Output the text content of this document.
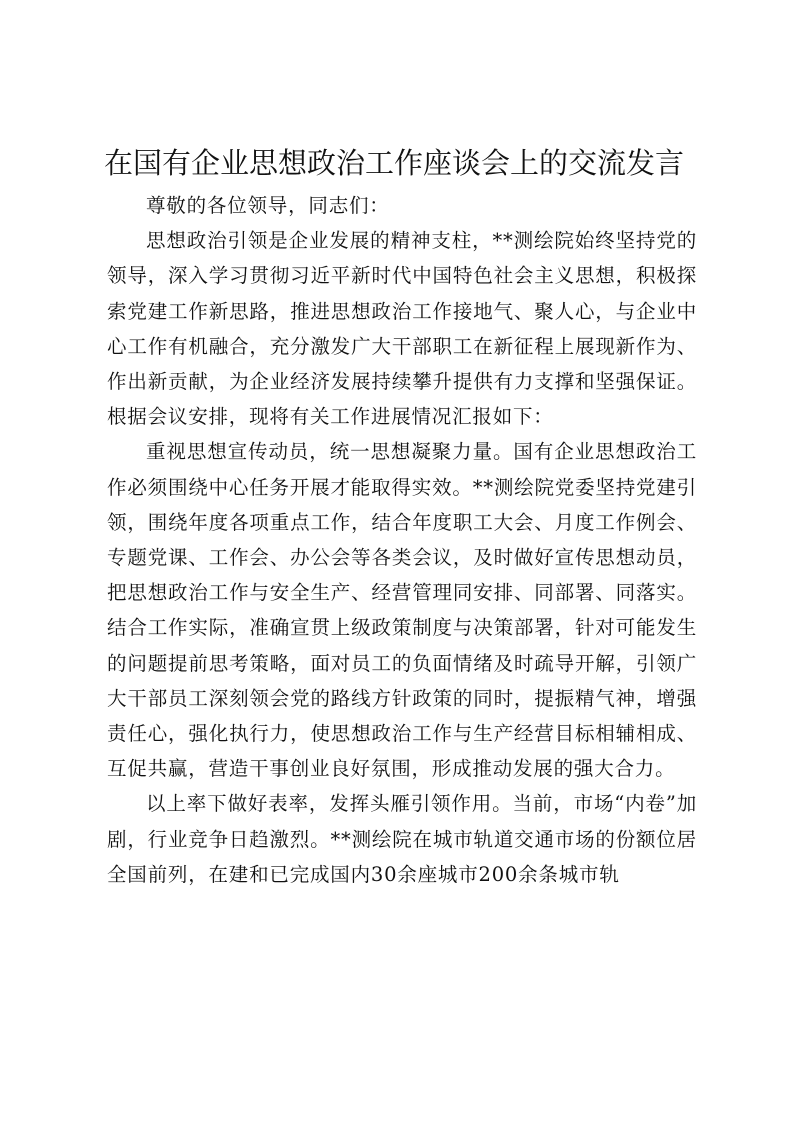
在国有企业思想政治工作座谈会上的交流发言

尊敬的各位领导，同志们：

思想政治引领是企业发展的精神支柱，**测绘院始终坚持党的领导，深入学习贯彻习近平新时代中国特色社会主义思想，积极探索党建工作新思路，推进思想政治工作接地气、聚人心，与企业中心工作有机融合，充分激发广大干部职工在新征程上展现新作为、作出新贡献，为企业经济发展持续攀升提供有力支撑和坚强保证。根据会议安排，现将有关工作进展情况汇报如下：

重视思想宣传动员，统一思想凝聚力量。国有企业思想政治工作必须围绕中心任务开展才能取得实效。**测绘院党委坚持党建引领，围绕年度各项重点工作，结合年度职工大会、月度工作例会、专题党课、工作会、办公会等各类会议，及时做好宣传思想动员，把思想政治工作与安全生产、经营管理同安排、同部署、同落实。结合工作实际，准确宣贯上级政策制度与决策部署，针对可能发生的问题提前思考策略，面对员工的负面情绪及时疏导开解，引领广大干部员工深刻领会党的路线方针政策的同时，提振精气神，增强责任心，强化执行力，使思想政治工作与生产经营目标相辅相成、互促共赢，营造干事创业良好氛围，形成推动发展的强大合力。

以上率下做好表率，发挥头雁引领作用。当前，市场“内卷”加剧，行业竞争日趋激烈。**测绘院在城市轨道交通市场的份额位居全国前列，在建和已完成国内30余座城市200余条城市轨
